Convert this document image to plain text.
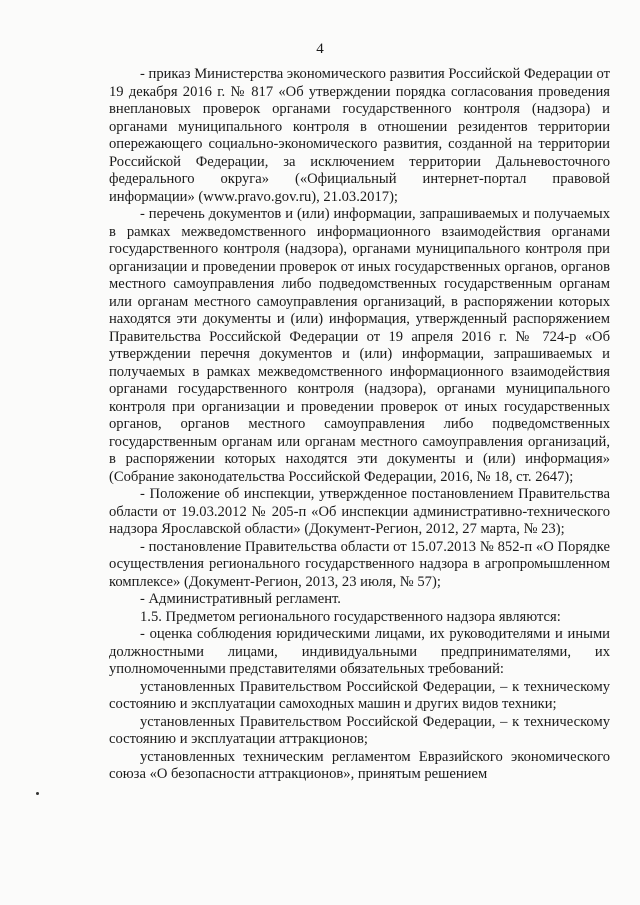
4

- приказ Министерства экономического развития Российской Федерации от 19 декабря 2016 г. № 817 «Об утверждении порядка согласования проведения внеплановых проверок органами государственного контроля (надзора) и органами муниципального контроля в отношении резидентов территории опережающего социально-экономического развития, созданной на территории Российской Федерации, за исключением территории Дальневосточного федерального округа» («Официальный интернет-портал правовой информации» (www.pravo.gov.ru), 21.03.2017);

- перечень документов и (или) информации, запрашиваемых и получаемых в рамках межведомственного информационного взаимодействия органами государственного контроля (надзора), органами муниципального контроля при организации и проведении проверок от иных государственных органов, органов местного самоуправления либо подведомственных государственным органам или органам местного самоуправления организаций, в распоряжении которых находятся эти документы и (или) информация, утвержденный распоряжением Правительства Российской Федерации от 19 апреля 2016 г. № 724-р «Об утверждении перечня документов и (или) информации, запрашиваемых и получаемых в рамках межведомственного информационного взаимодействия органами государственного контроля (надзора), органами муниципального контроля при организации и проведении проверок от иных государственных органов, органов местного самоуправления либо подведомственных государственным органам или органам местного самоуправления организаций, в распоряжении которых находятся эти документы и (или) информация» (Собрание законодательства Российской Федерации, 2016, № 18, ст. 2647);

- Положение об инспекции, утвержденное постановлением Правительства области от 19.03.2012 № 205-п «Об инспекции административно-технического надзора Ярославской области» (Документ-Регион, 2012, 27 марта, № 23);

- постановление Правительства области от 15.07.2013 № 852-п «О Порядке осуществления регионального государственного надзора в агропромышленном комплексе» (Документ-Регион, 2013, 23 июля, № 57);

- Административный регламент.

1.5. Предметом регионального государственного надзора являются:

- оценка соблюдения юридическими лицами, их руководителями и иными должностными лицами, индивидуальными предпринимателями, их уполномоченными представителями обязательных требований:

установленных Правительством Российской Федерации, – к техническому состоянию и эксплуатации самоходных машин и других видов техники;

установленных Правительством Российской Федерации, – к техническому состоянию и эксплуатации аттракционов;

установленных техническим регламентом Евразийского экономического союза «О безопасности аттракционов», принятым решением
